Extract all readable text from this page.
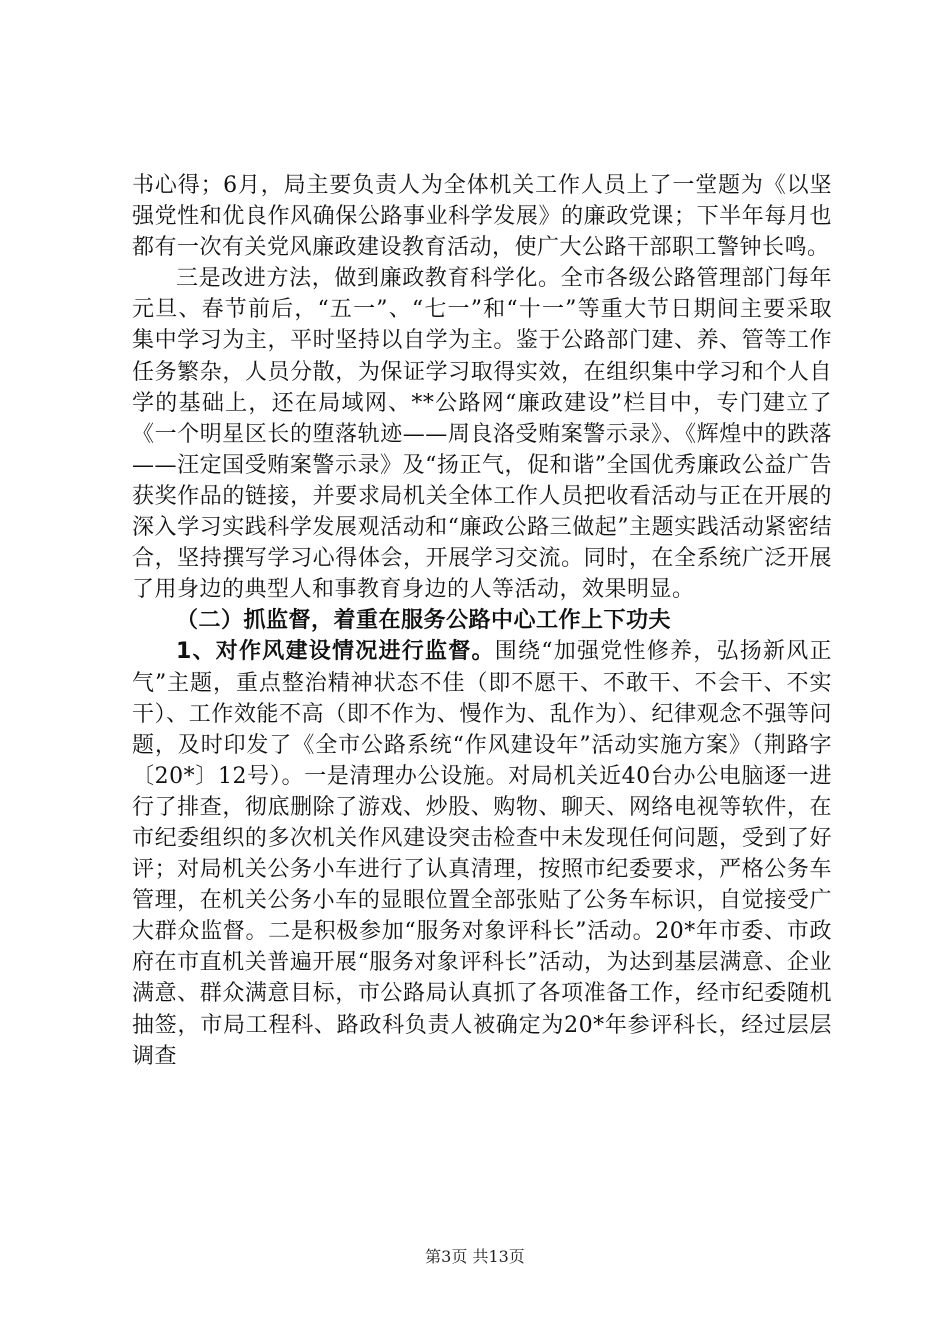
书心得；6月，局主要负责人为全体机关工作人员上了一堂题为《以坚强党性和优良作风确保公路事业科学发展》的廉政党课；下半年每月也都有一次有关党风廉政建设教育活动，使广大公路干部职工警钟长鸣。

三是改进方法，做到廉政教育科学化。全市各级公路管理部门每年元旦、春节前后，“五一”、“七一”和“十一”等重大节日期间主要采取集中学习为主，平时坚持以自学为主。鉴于公路部门建、养、管等工作任务繁杂，人员分散，为保证学习取得实效，在组织集中学习和个人自学的基础上，还在局域网、**公路网“廉政建设”栏目中，专门建立了《一个明星区长的堕落轨迹——周良洛受贿案警示录》、《辉煌中的跌落——汪定国受贿案警示录》及“扬正气，促和谐”全国优秀廉政公益广告获奖作品的链接，并要求局机关全体工作人员把收看活动与正在开展的深入学习实践科学发展观活动和“廉政公路三做起”主题实践活动紧密结合，坚持撰写学习心得体会，开展学习交流。同时，在全系统广泛开展了用身边的典型人和事教育身边的人等活动，效果明显。

（二）抓监督，着重在服务公路中心工作上下功夫

1、对作风建设情况进行监督。围绕“加强党性修养，弘扬新风正气”主题，重点整治精神状态不佳（即不愿干、不敢干、不会干、不实干）、工作效能不高（即不作为、慢作为、乱作为）、纪律观念不强等问题，及时印发了《全市公路系统“作风建设年”活动实施方案》（荆路字〔20*〕12号）。一是清理办公设施。对局机关近40台办公电脑逐一进行了排查，彻底删除了游戏、炒股、购物、聊天、网络电视等软件，在市纪委组织的多次机关作风建设突击检查中未发现任何问题，受到了好评；对局机关公务小车进行了认真清理，按照市纪委要求，严格公务车管理，在机关公务小车的显眼位置全部张贴了公务车标识，自觉接受广大群众监督。二是积极参加“服务对象评科长”活动。20*年市委、市政府在市直机关普遍开展“服务对象评科长”活动，为达到基层满意、企业满意、群众满意目标，市公路局认真抓了各项准备工作，经市纪委随机抽签，市局工程科、路政科负责人被确定为20*年参评科长，经过层层调查

第3页 共13页
